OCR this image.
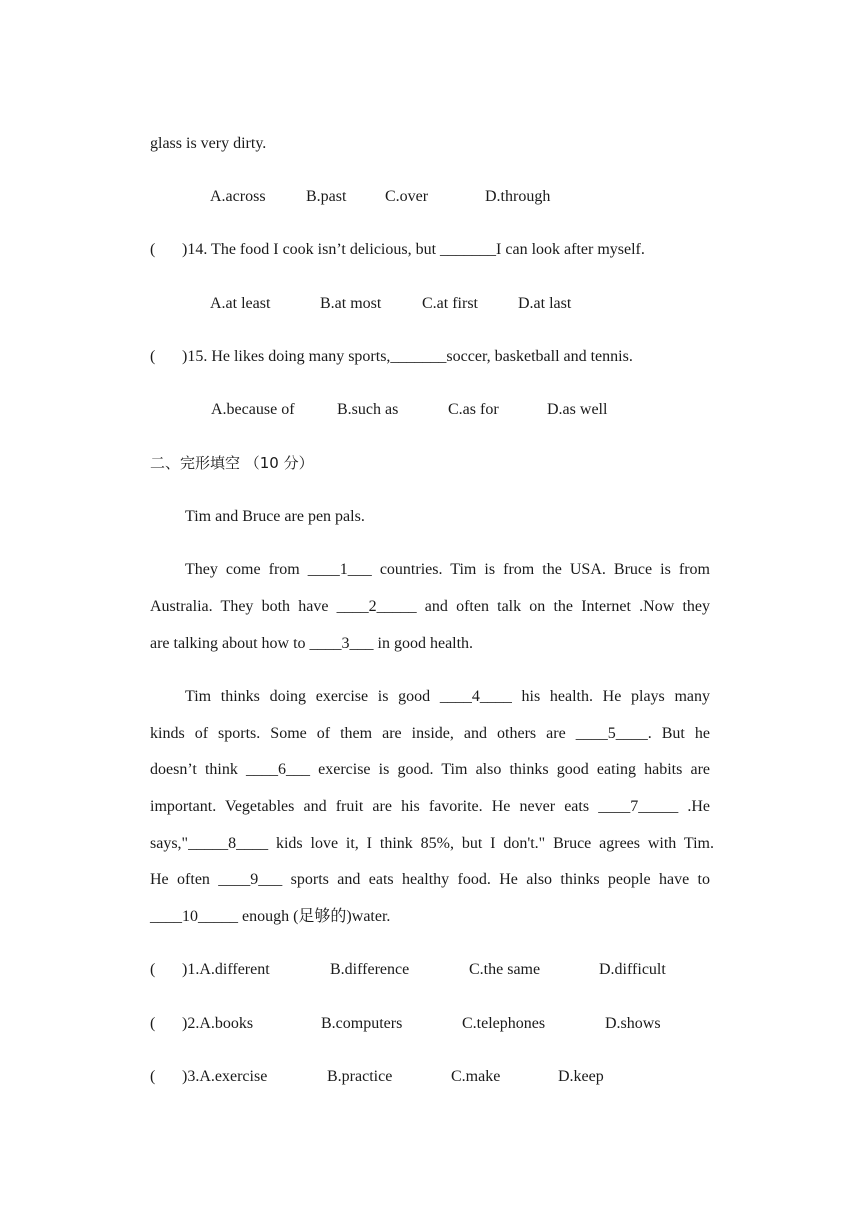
glass is very dirty.
A.across	B.past C.over	D.through
( )14. The food I cook isn’t delicious, but _______I can look after myself.
A.at least	B.at most	C.at first	D.at last
( )15. He likes doing many sports,_______soccer, basketball and tennis.
A.because of	B.such as	C.as for	D.as well
二、完形填空 （10 分）
Tim and Bruce are pen pals.
They come from ____1___ countries. Tim is from the USA. Bruce is from
Australia. They both have ____2_____ and often talk on the Internet .Now they
are talking about how to ____3___ in good health.
Tim thinks doing exercise is good ____4____ his health. He plays many
kinds of sports. Some of them are inside, and others are ____5____. But he
doesn’t think ____6___ exercise is good. Tim also thinks good eating habits are
important. Vegetables and fruit are his favorite. He never eats ____7_____ .He
says,"_____8____ kids love it, I think 85%, but I don't." Bruce agrees with Tim.
He often ____9___ sports and eats healthy food. He also thinks people have to
____10_____ enough (足够的)water.
( )1.A.different	B.difference	C.the same	D.difficult
( )2.A.books	B.computers	C.telephones	D.shows
( )3.A.exercise	B.practice	C.make	D.keep
